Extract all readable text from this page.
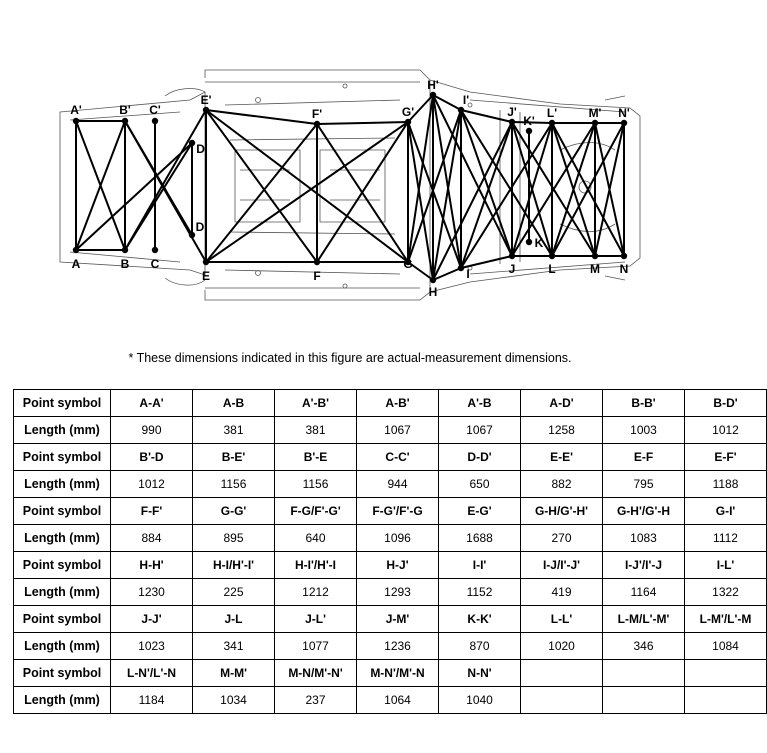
A
A'
B
B'
C
C'
D
D'
E
E'
F
F'
G
G'
H
H'
I
I'
J
J'
K
K'
L
L'
M
M'
N
N'
* These dimensions indicated in this figure are actual-measurement dimensions.
Point symbol	A-A'	A-B	A'-B'	A-B'	A'-B	A-D'	B-B'	B-D'
Length (mm)	990	381	381	1067	1067	1258	1003	1012
Point symbol	B'-D	B-E'	B'-E	C-C'	D-D'	E-E'	E-F	E-F'
Length (mm)	1012	1156	1156	944	650	882	795	1188
Point symbol	F-F'	G-G'	F-G/F'-G'	F-G'/F'-G	E-G'	G-H/G'-H'	G-H'/G'-H	G-I'
Length (mm)	884	895	640	1096	1688	270	1083	1112
Point symbol	H-H'	H-I/H'-I'	H-I'/H'-I	H-J'	I-I'	I-J/I'-J'	I-J'/I'-J	I-L'
Length (mm)	1230	225	1212	1293	1152	419	1164	1322
Point symbol	J-J'	J-L	J-L'	J-M'	K-K'	L-L'	L-M/L'-M'	L-M'/L'-M
Length (mm)	1023	341	1077	1236	870	1020	346	1084
Point symbol	L-N'/L'-N	M-M'	M-N/M'-N'	M-N'/M'-N	N-N'			
Length (mm)	1184	1034	237	1064	1040			
